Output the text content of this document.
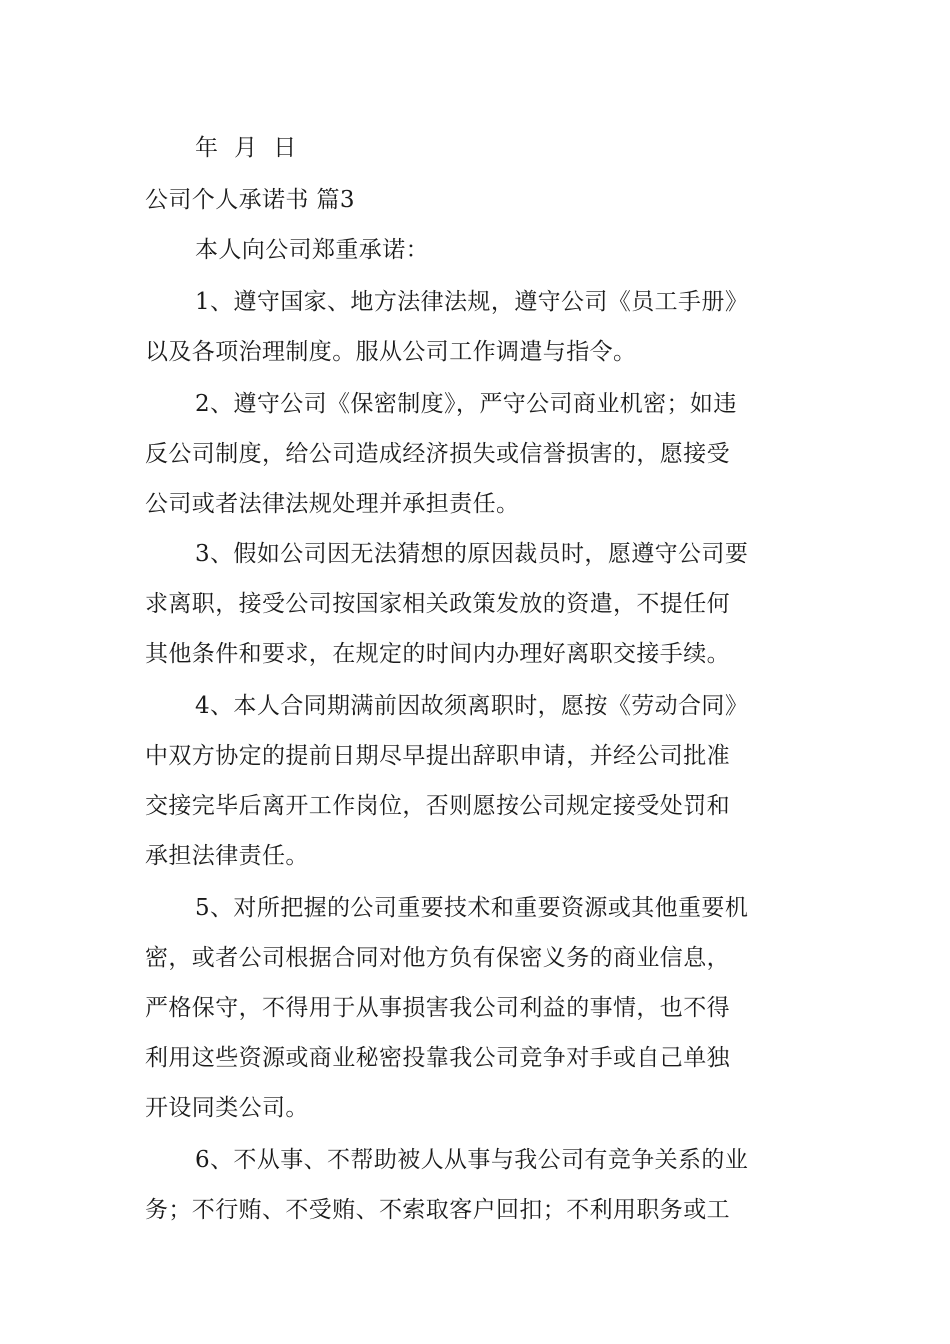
年 月 日
公司个人承诺书 篇3
本人向公司郑重承诺：
1、遵守国家、地方法律法规，遵守公司《员工手册》
以及各项治理制度。服从公司工作调遣与指令。
2、遵守公司《保密制度》，严守公司商业机密；如违
反公司制度，给公司造成经济损失或信誉损害的，愿接受
公司或者法律法规处理并承担责任。
3、假如公司因无法猜想的原因裁员时，愿遵守公司要
求离职，接受公司按国家相关政策发放的资遣，不提任何
其他条件和要求，在规定的时间内办理好离职交接手续。
4、本人合同期满前因故须离职时，愿按《劳动合同》
中双方协定的提前日期尽早提出辞职申请，并经公司批准
交接完毕后离开工作岗位，否则愿按公司规定接受处罚和
承担法律责任。
5、对所把握的公司重要技术和重要资源或其他重要机
密，或者公司根据合同对他方负有保密义务的商业信息，
严格保守，不得用于从事损害我公司利益的事情，也不得
利用这些资源或商业秘密投靠我公司竞争对手或自己单独
开设同类公司。
6、不从事、不帮助被人从事与我公司有竞争关系的业
务；不行贿、不受贿、不索取客户回扣；不利用职务或工
